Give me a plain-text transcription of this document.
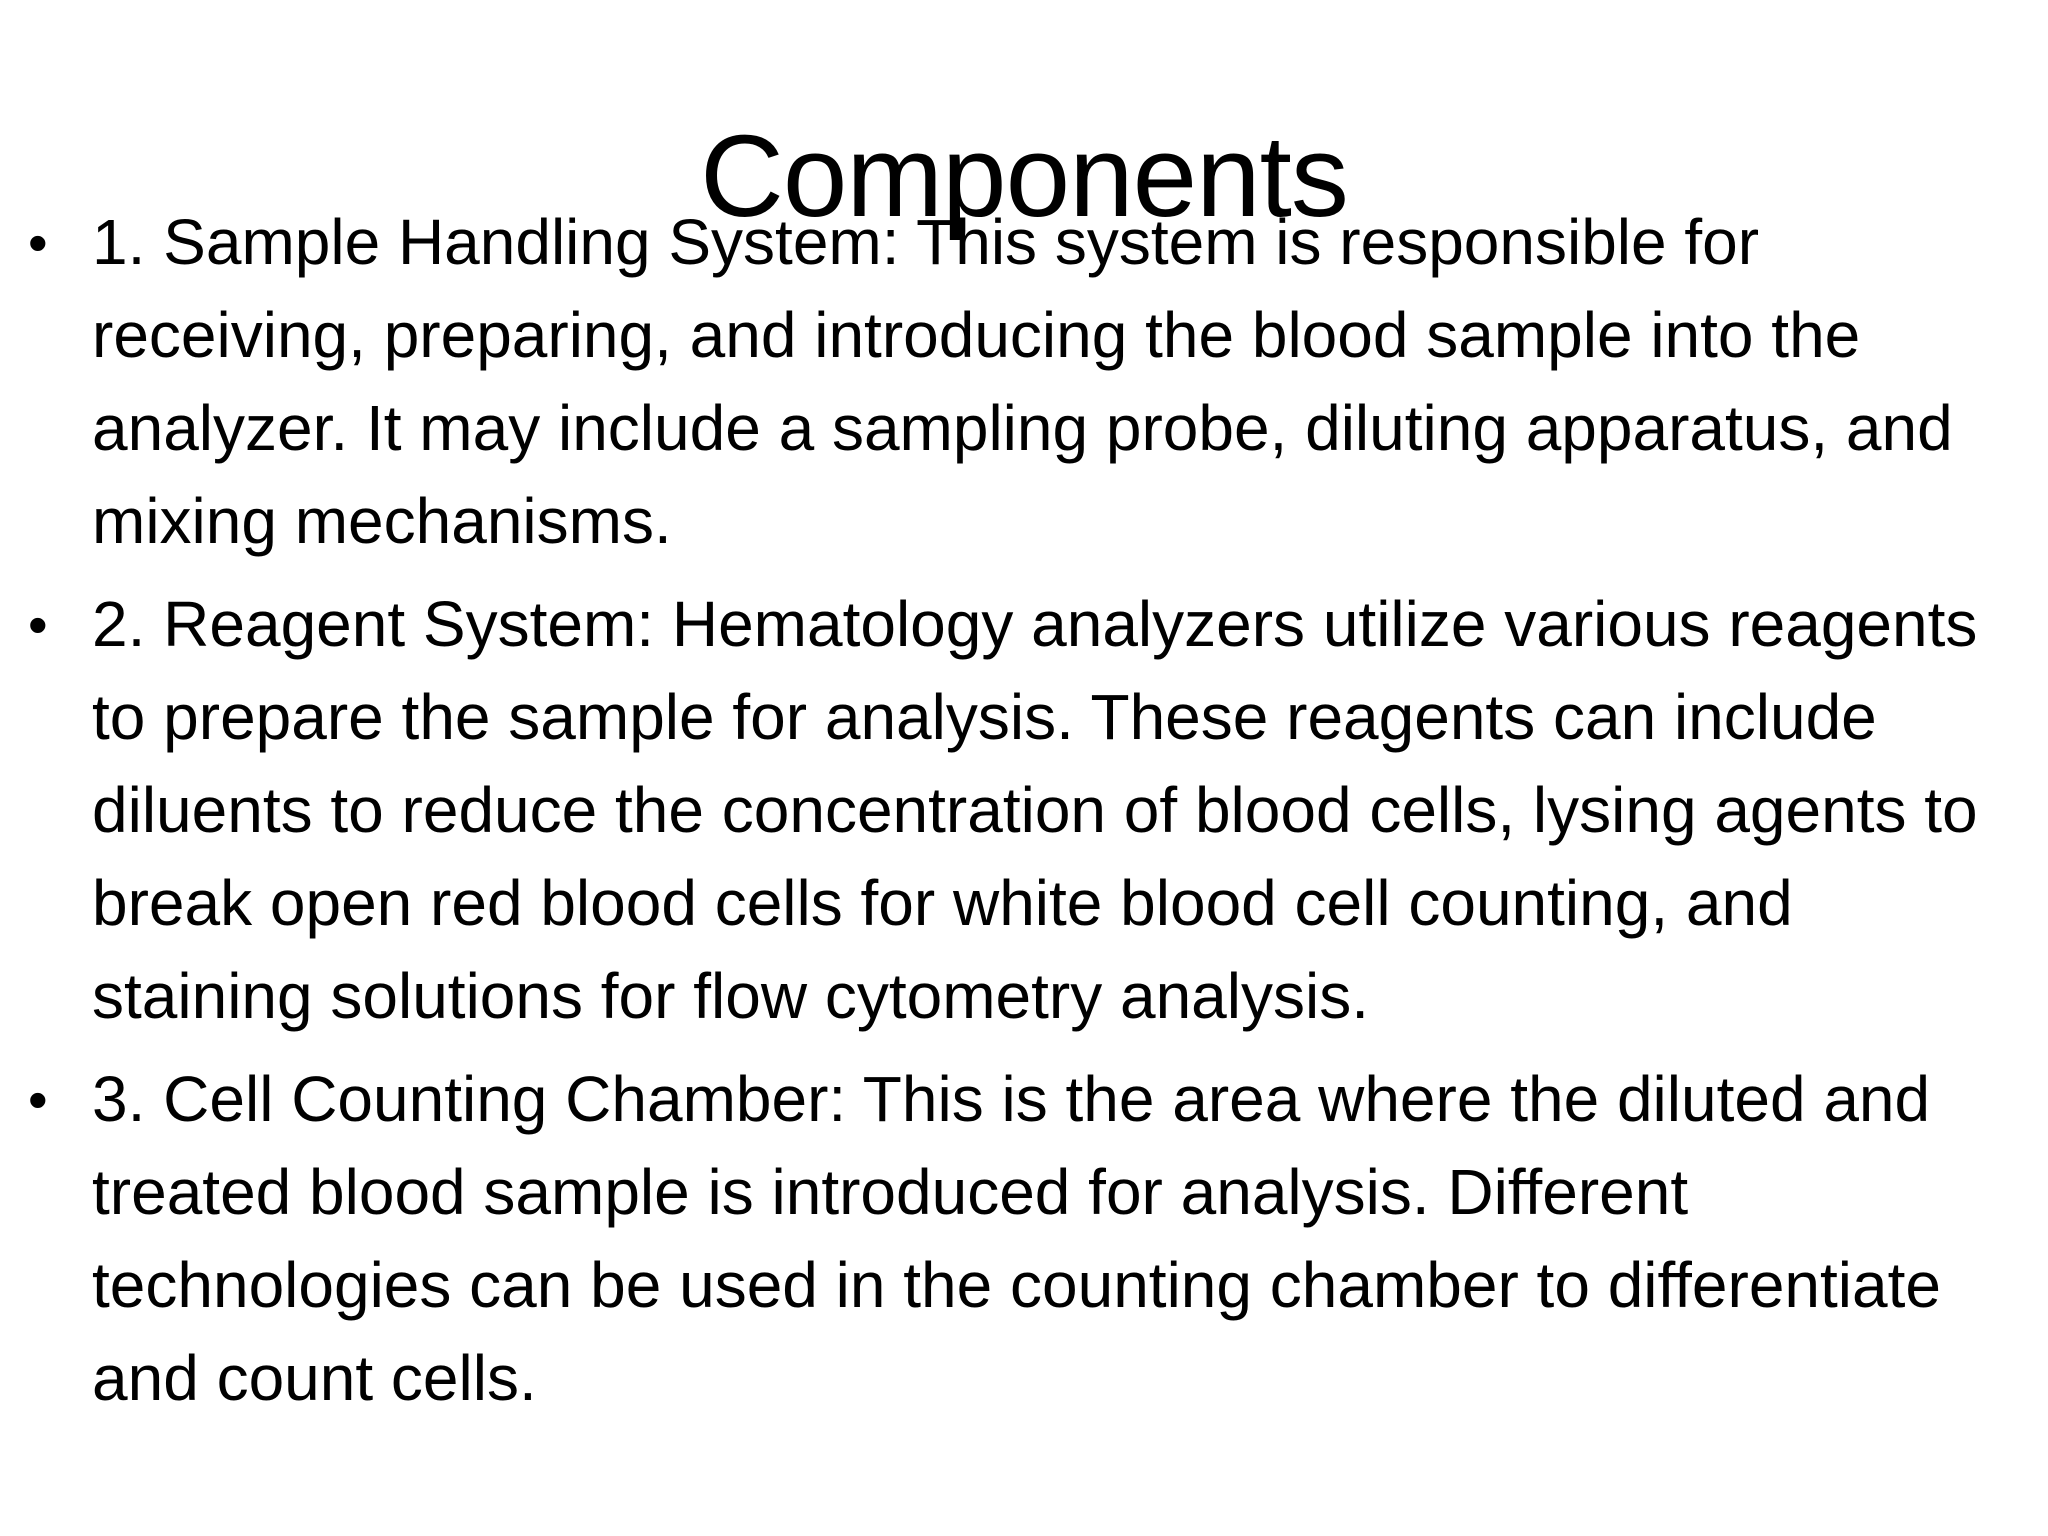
Components
• 1. Sample Handling System: This system is responsible for receiving, preparing, and introducing the blood sample into the analyzer. It may include a sampling probe, diluting apparatus, and mixing mechanisms.
• 2. Reagent System: Hematology analyzers utilize various reagents to prepare the sample for analysis. These reagents can include diluents to reduce the concentration of blood cells, lysing agents to break open red blood cells for white blood cell counting, and staining solutions for flow cytometry analysis.
• 3. Cell Counting Chamber: This is the area where the diluted and treated blood sample is introduced for analysis. Different technologies can be used in the counting chamber to differentiate and count cells.
